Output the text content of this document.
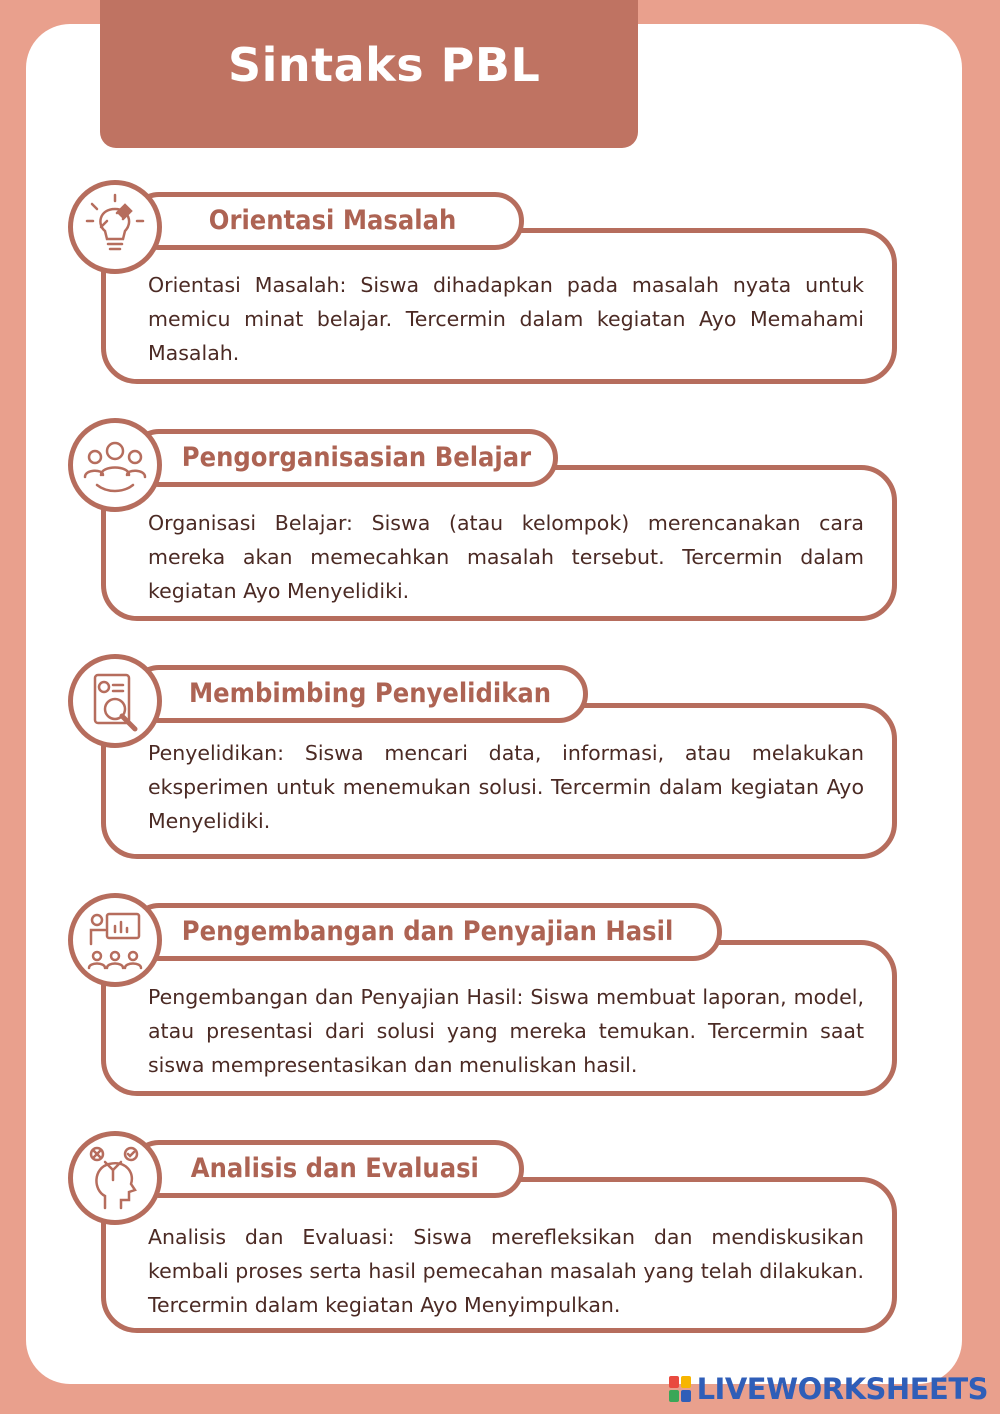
Sintaks PBL
Orientasi Masalah: Siswa dihadapkan pada masalah nyata untuk memicu minat belajar. Tercermin dalam kegiatan Ayo Memahami Masalah.
Orientasi Masalah
Organisasi Belajar: Siswa (atau kelompok) merencanakan cara mereka akan memecahkan masalah tersebut. Tercermin dalam kegiatan Ayo Menyelidiki.
Pengorganisasian Belajar
Penyelidikan: Siswa mencari data, informasi, atau melakukan eksperimen untuk menemukan solusi. Tercermin dalam kegiatan Ayo Menyelidiki.
Membimbing Penyelidikan
Pengembangan dan Penyajian Hasil: Siswa membuat laporan, model, atau presentasi dari solusi yang mereka temukan. Tercermin saat siswa mempresentasikan dan menuliskan hasil.
Pengembangan dan Penyajian Hasil
Analisis dan Evaluasi: Siswa merefleksikan dan mendiskusikan kembali proses serta hasil pemecahan masalah yang telah dilakukan. Tercermin dalam kegiatan Ayo Menyimpulkan.
Analisis dan Evaluasi
LIVEWORKSHEETS
